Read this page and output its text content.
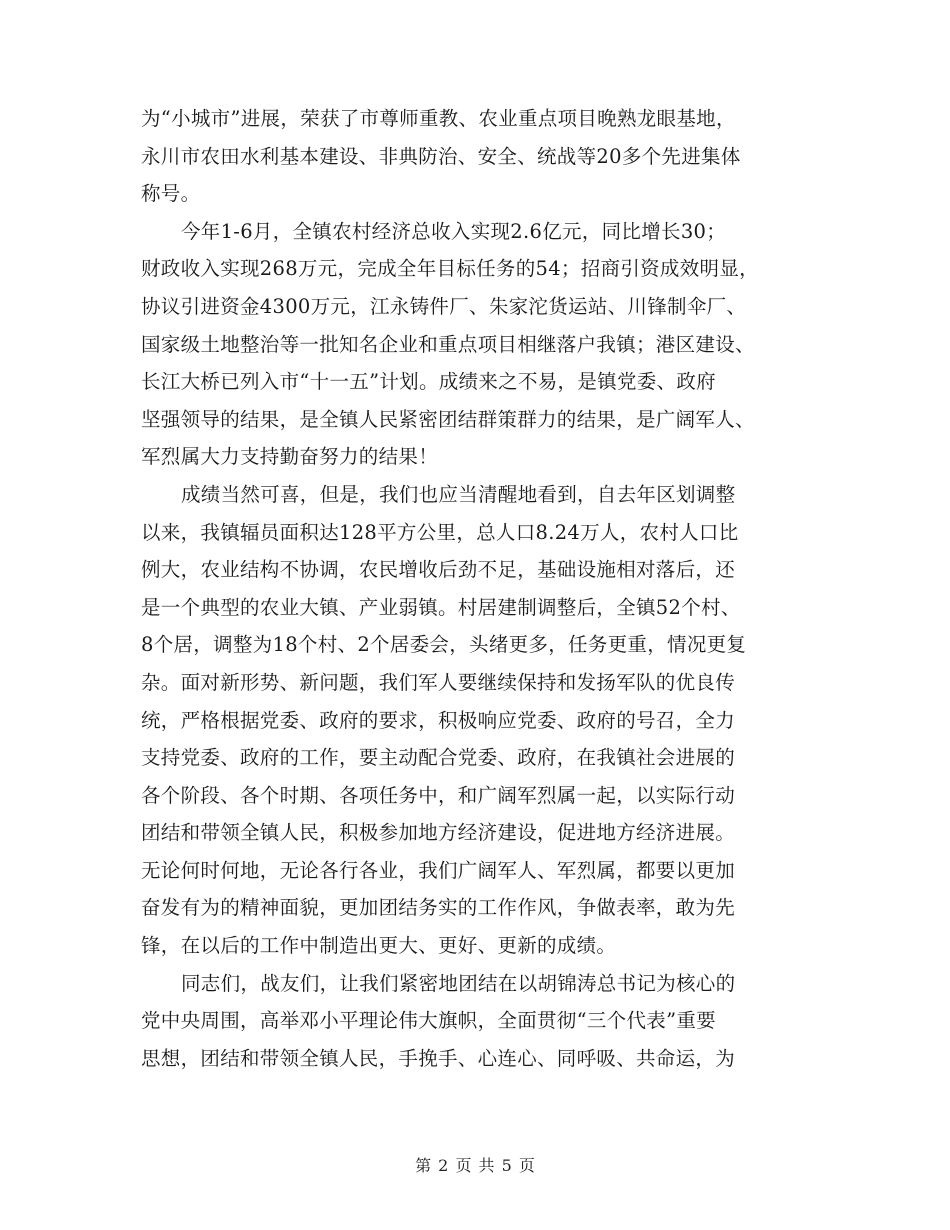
为“小城市”进展，荣获了市尊师重教、农业重点项目晚熟龙眼基地，
永川市农田水利基本建设、非典防治、安全、统战等20多个先进集体
称号。
今年1-6月，全镇农村经济总收入实现2.6亿元，同比增长30；
财政收入实现268万元，完成全年目标任务的54；招商引资成效明显，
协议引进资金4300万元，江永铸件厂、朱家沱货运站、川锋制伞厂、
国家级土地整治等一批知名企业和重点项目相继落户我镇；港区建设、
长江大桥已列入市“十一五”计划。成绩来之不易，是镇党委、政府
坚强领导的结果，是全镇人民紧密团结群策群力的结果，是广阔军人、
军烈属大力支持勤奋努力的结果！
成绩当然可喜，但是，我们也应当清醒地看到，自去年区划调整
以来，我镇辐员面积达128平方公里，总人口8.24万人，农村人口比
例大，农业结构不协调，农民增收后劲不足，基础设施相对落后，还
是一个典型的农业大镇、产业弱镇。村居建制调整后，全镇52个村、
8个居，调整为18个村、2个居委会，头绪更多，任务更重，情况更复
杂。面对新形势、新问题，我们军人要继续保持和发扬军队的优良传
统，严格根据党委、政府的要求，积极响应党委、政府的号召，全力
支持党委、政府的工作，要主动配合党委、政府，在我镇社会进展的
各个阶段、各个时期、各项任务中，和广阔军烈属一起，以实际行动
团结和带领全镇人民，积极参加地方经济建设，促进地方经济进展。
无论何时何地，无论各行各业，我们广阔军人、军烈属，都要以更加
奋发有为的精神面貌，更加团结务实的工作作风，争做表率，敢为先
锋，在以后的工作中制造出更大、更好、更新的成绩。
同志们，战友们，让我们紧密地团结在以胡锦涛总书记为核心的
党中央周围，高举邓小平理论伟大旗帜，全面贯彻“三个代表”重要
思想，团结和带领全镇人民，手挽手、心连心、同呼吸、共命运，为
第 2 页 共 5 页
